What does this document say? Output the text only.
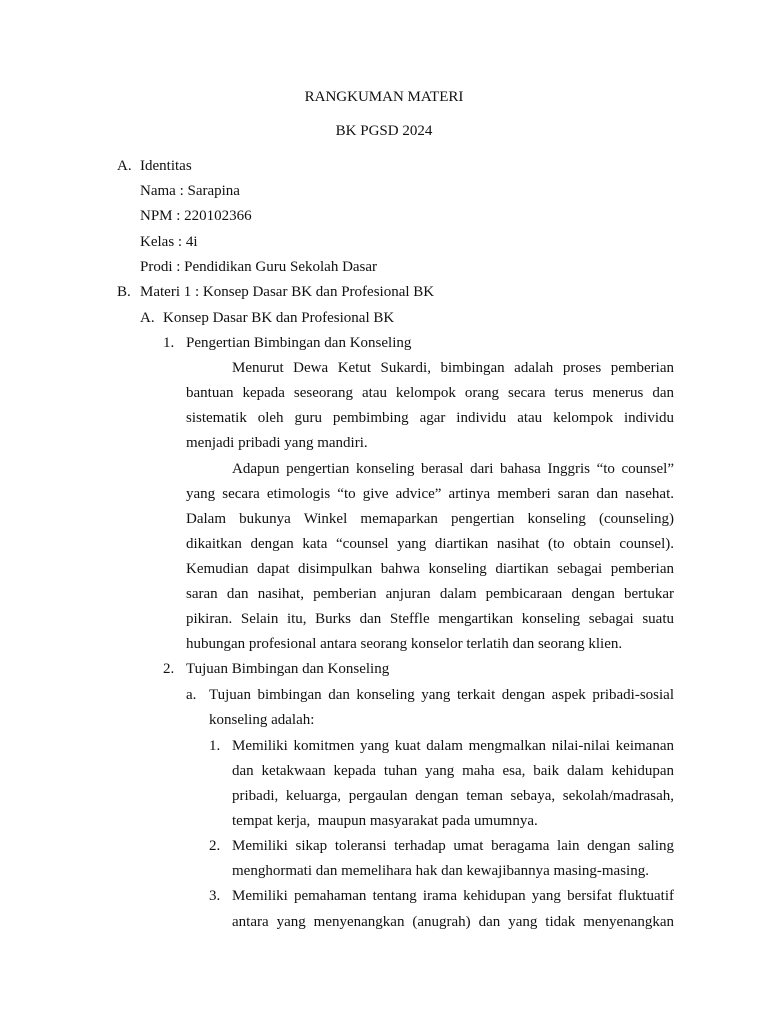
RANGKUMAN MATERI
BK PGSD 2024
A. Identitas
Nama : Sarapina
NPM : 220102366
Kelas : 4i
Prodi : Pendidikan Guru Sekolah Dasar
B. Materi 1 : Konsep Dasar BK dan Profesional BK
A. Konsep Dasar BK dan Profesional BK
1. Pengertian Bimbingan dan Konseling
Menurut Dewa Ketut Sukardi, bimbingan adalah proses pemberian
bantuan kepada seseorang atau kelompok orang secara terus menerus dan
sistematik oleh guru pembimbing agar individu atau kelompok individu
menjadi pribadi yang mandiri.
Adapun pengertian konseling berasal dari bahasa Inggris “to counsel”
yang secara etimologis “to give advice” artinya memberi saran dan nasehat.
Dalam bukunya Winkel memaparkan pengertian konseling (counseling)
dikaitkan dengan kata “counsel yang diartikan nasihat (to obtain counsel).
Kemudian dapat disimpulkan bahwa konseling diartikan sebagai pemberian
saran dan nasihat, pemberian anjuran dalam pembicaraan dengan bertukar
pikiran. Selain itu, Burks dan Steffle mengartikan konseling sebagai suatu
hubungan profesional antara seorang konselor terlatih dan seorang klien.
2. Tujuan Bimbingan dan Konseling
a. Tujuan bimbingan dan konseling yang terkait dengan aspek pribadi-sosial
konseling adalah:
1. Memiliki komitmen yang kuat dalam mengmalkan nilai-nilai keimanan
dan ketakwaan kepada tuhan yang maha esa, baik dalam kehidupan
pribadi, keluarga, pergaulan dengan teman sebaya, sekolah/madrasah,
tempat kerja,  maupun masyarakat pada umumnya.
2. Memiliki sikap toleransi terhadap umat beragama lain dengan saling
menghormati dan memelihara hak dan kewajibannya masing-masing.
3. Memiliki pemahaman tentang irama kehidupan yang bersifat fluktuatif
antara yang menyenangkan (anugrah) dan yang tidak menyenangkan
